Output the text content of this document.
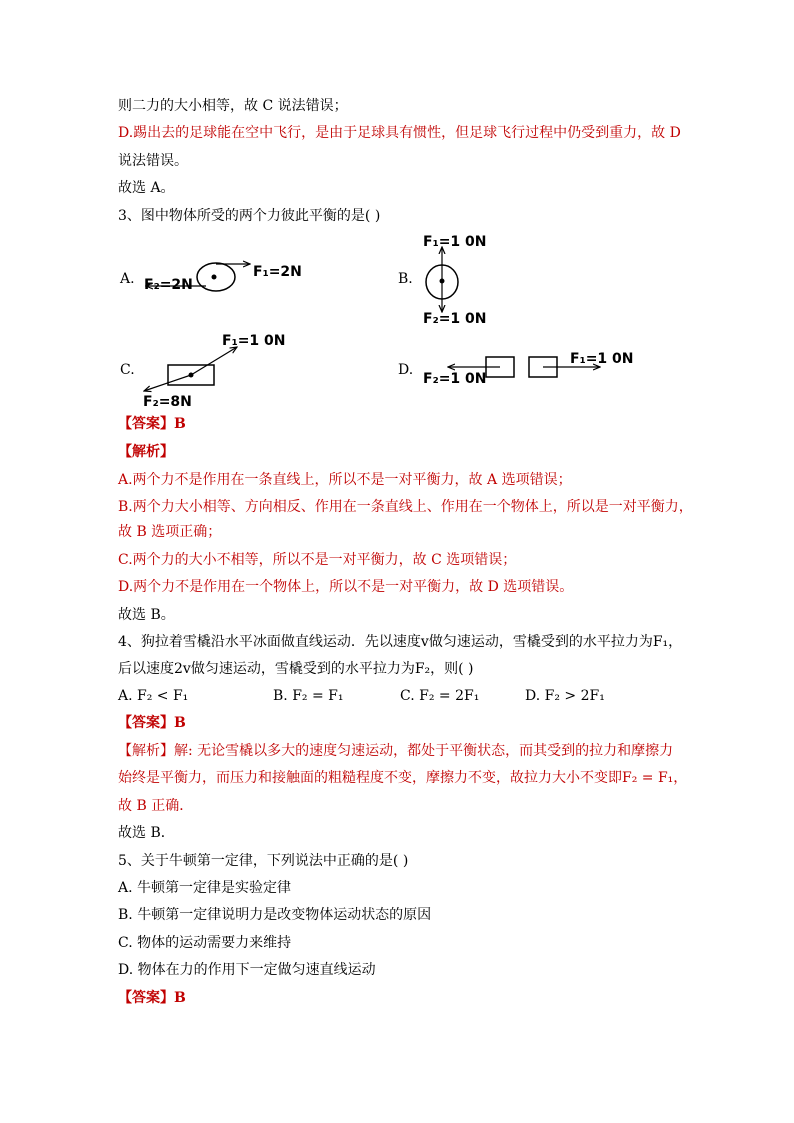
则二力的大小相等，故 C 说法错误；
D.踢出去的足球能在空中飞行，是由于足球具有惯性，但足球飞行过程中仍受到重力，故 D
说法错误。
故选 A。
3、图中物体所受的两个力彼此平衡的是( )
A.	B.
C.	D.
F₁=2N
F₂=2N
F₁=1 0N
F₂=1 0N
F₁=1 0N
F₂=8N
F₁=1 0N
F₂=1 0N
【答案】B
【解析】
A.两个力不是作用在一条直线上，所以不是一对平衡力，故 A 选项错误；
B.两个力大小相等、方向相反、作用在一条直线上、作用在一个物体上，所以是一对平衡力，
故 B 选项正确；
C.两个力的大小不相等，所以不是一对平衡力，故 C 选项错误；
D.两个力不是作用在一个物体上，所以不是一对平衡力，故 D 选项错误。
故选 B。
4、狗拉着雪橇沿水平冰面做直线运动．先以速度v做匀速运动，雪橇受到的水平拉力为F₁，
后以速度2v做匀速运动，雪橇受到的水平拉力为F₂，则( )
A. F₂ < F₁	B. F₂ = F₁	C. F₂ = 2F₁	D. F₂ > 2F₁
【答案】B
【解析】解: 无论雪橇以多大的速度匀速运动，都处于平衡状态，而其受到的拉力和摩擦力
始终是平衡力，而压力和接触面的粗糙程度不变，摩擦力不变，故拉力大小不变即F₂ = F₁，
故 B 正确．
故选 B．
5、关于牛顿第一定律，下列说法中正确的是( )
A. 牛顿第一定律是实验定律
B. 牛顿第一定律说明力是改变物体运动状态的原因
C. 物体的运动需要力来维持
D. 物体在力的作用下一定做匀速直线运动
【答案】B
